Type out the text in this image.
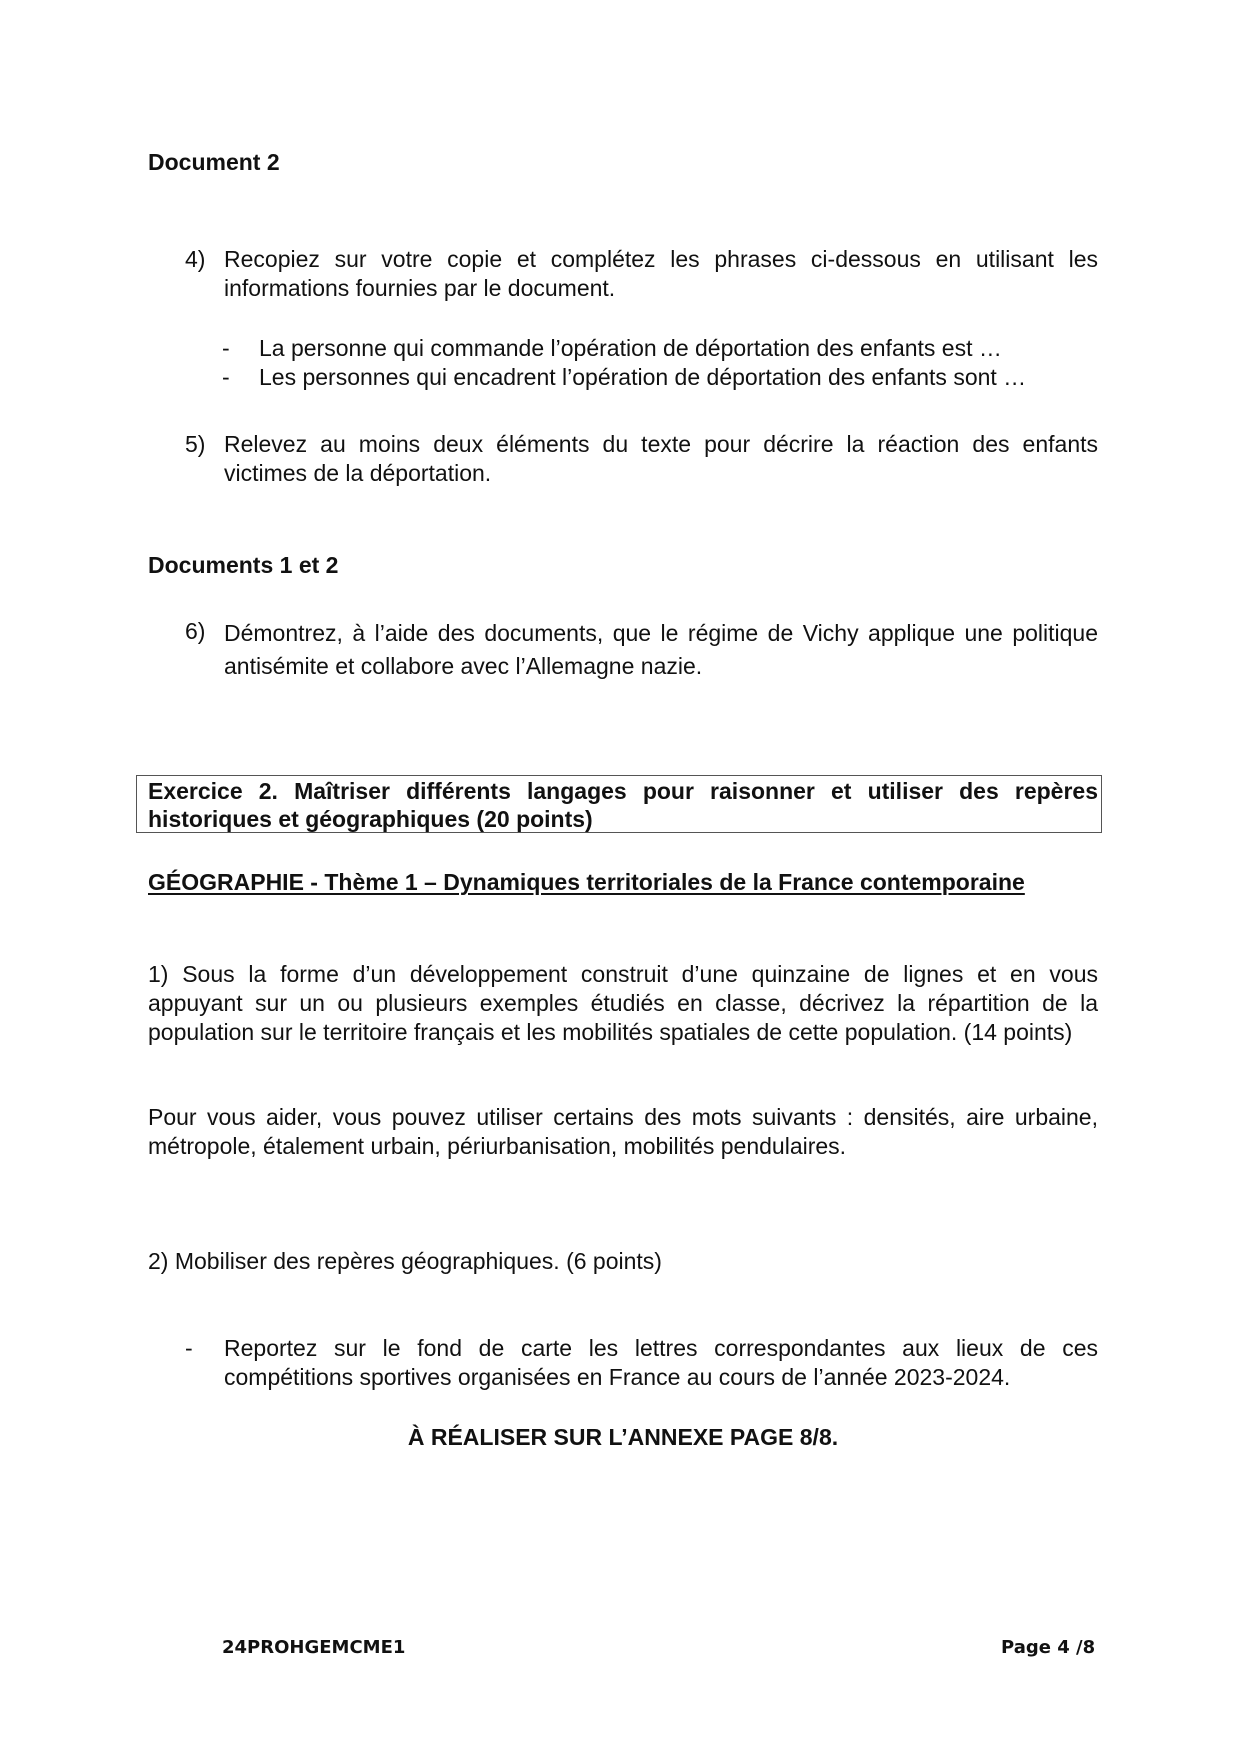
Document 2
4) Recopiez sur votre copie et complétez les phrases ci-dessous en utilisant les informations fournies par le document.
- La personne qui commande l’opération de déportation des enfants est …
- Les personnes qui encadrent l’opération de déportation des enfants sont …
5) Relevez au moins deux éléments du texte pour décrire la réaction des enfants victimes de la déportation.
Documents 1 et 2
6) Démontrez, à l’aide des documents, que le régime de Vichy applique une politique antisémite et collabore avec l’Allemagne nazie.
Exercice 2. Maîtriser différents langages pour raisonner et utiliser des repères historiques et géographiques (20 points)
GÉOGRAPHIE - Thème 1 – Dynamiques territoriales de la France contemporaine
1) Sous la forme d’un développement construit d’une quinzaine de lignes et en vous appuyant sur un ou plusieurs exemples étudiés en classe, décrivez la répartition de la population sur le territoire français et les mobilités spatiales de cette population. (14 points)
Pour vous aider, vous pouvez utiliser certains des mots suivants : densités, aire urbaine, métropole, étalement urbain, périurbanisation, mobilités pendulaires.
2) Mobiliser des repères géographiques. (6 points)
- Reportez sur le fond de carte les lettres correspondantes aux lieux de ces compétitions sportives organisées en France au cours de l’année 2023-2024.
À RÉALISER SUR L’ANNEXE PAGE 8/8.
24PROHGEMCME1	Page 4 /8
